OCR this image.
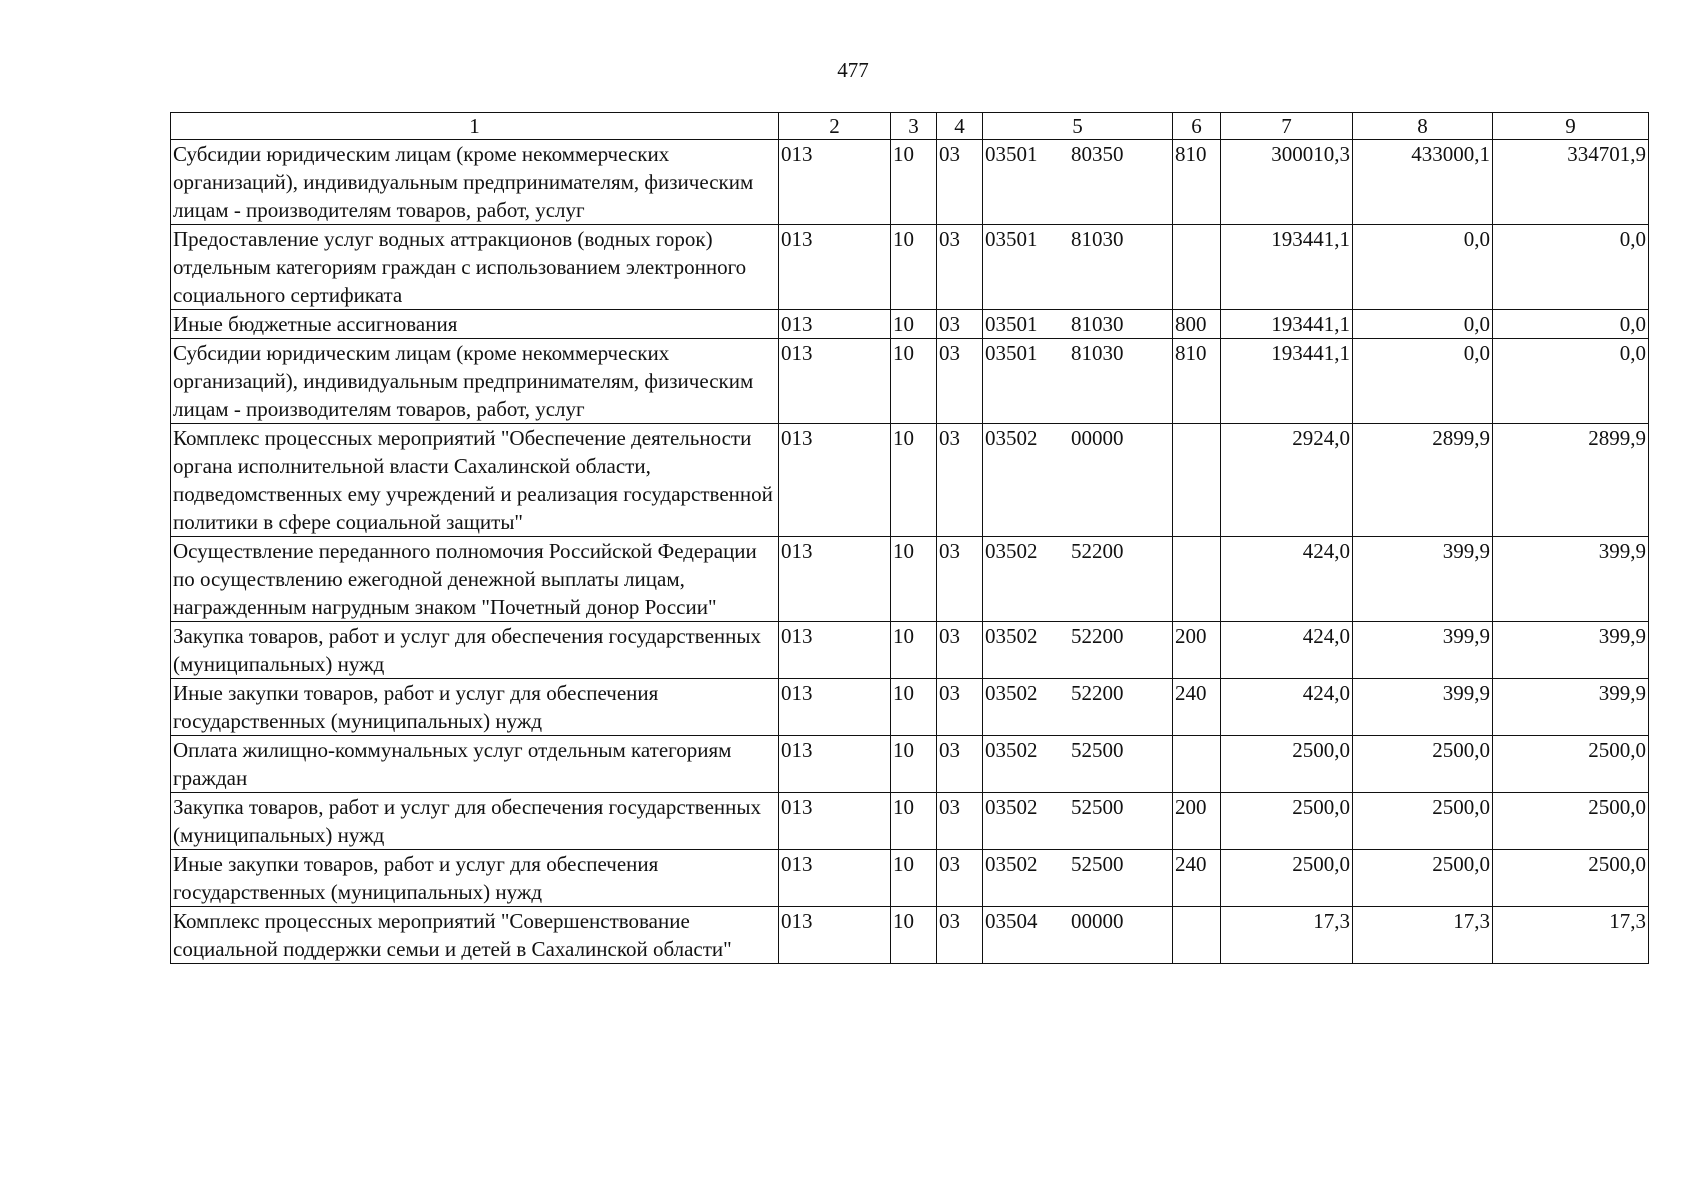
477
1	2	3	4	5	6	7	8	9
Субсидии юридическим лицам (кроме некоммерческих организаций), индивидуальным предпринимателям, физическим лицам - производителям товаров, работ, услуг	013	10	03	03501 80350	810	300010,3	433000,1	334701,9
Предоставление услуг водных аттракционов (водных горок) отдельным категориям граждан с использованием электронного социального сертификата	013	10	03	03501 81030		193441,1	0,0	0,0
Иные бюджетные ассигнования	013	10	03	03501 81030	800	193441,1	0,0	0,0
Субсидии юридическим лицам (кроме некоммерческих организаций), индивидуальным предпринимателям, физическим лицам - производителям товаров, работ, услуг	013	10	03	03501 81030	810	193441,1	0,0	0,0
Комплекс процессных мероприятий "Обеспечение деятельности органа исполнительной власти Сахалинской области, подведомственных ему учреждений и реализация государственной политики в сфере социальной защиты"	013	10	03	03502 00000		2924,0	2899,9	2899,9
Осуществление переданного полномочия Российской Федерации по осуществлению ежегодной денежной выплаты лицам, награжденным нагрудным знаком "Почетный донор России"	013	10	03	03502 52200		424,0	399,9	399,9
Закупка товаров, работ и услуг для обеспечения государственных (муниципальных) нужд	013	10	03	03502 52200	200	424,0	399,9	399,9
Иные закупки товаров, работ и услуг для обеспечения государственных (муниципальных) нужд	013	10	03	03502 52200	240	424,0	399,9	399,9
Оплата жилищно-коммунальных услуг отдельным категориям граждан	013	10	03	03502 52500		2500,0	2500,0	2500,0
Закупка товаров, работ и услуг для обеспечения государственных (муниципальных) нужд	013	10	03	03502 52500	200	2500,0	2500,0	2500,0
Иные закупки товаров, работ и услуг для обеспечения государственных (муниципальных) нужд	013	10	03	03502 52500	240	2500,0	2500,0	2500,0
Комплекс процессных мероприятий "Совершенствование социальной поддержки семьи и детей в Сахалинской области"	013	10	03	03504 00000		17,3	17,3	17,3
